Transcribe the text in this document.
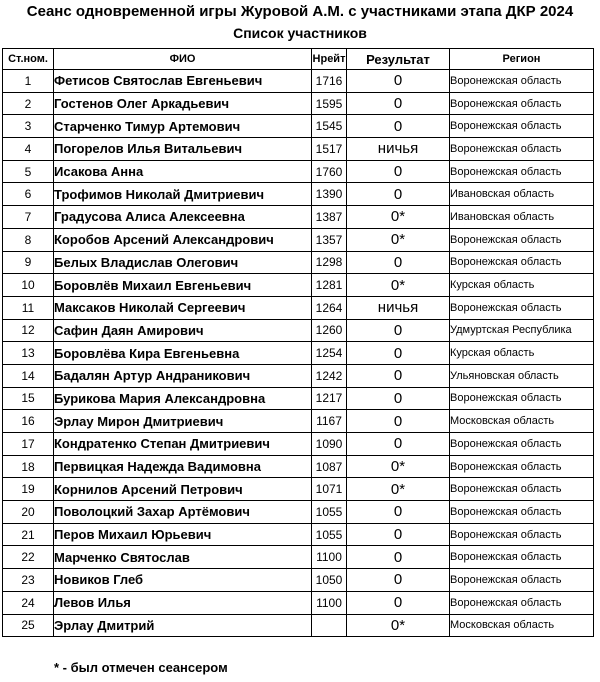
Сеанс одновременной игры Журовой А.М. с участниками этапа ДКР 2024
Список участников
Ст.ном.	ФИО	Нрейт	Результат	Регион
1	Фетисов Святослав Евгеньевич	1716	0	Воронежская область
2	Гостенов Олег Аркадьевич	1595	0	Воронежская область
3	Старченко Тимур Артемович	1545	0	Воронежская область
4	Погорелов Илья Витальевич	1517	ничья	Воронежская область
5	Исакова Анна	1760	0	Воронежская область
6	Трофимов Николай Дмитриевич	1390	0	Ивановская область
7	Градусова Алиса Алексеевна	1387	0*	Ивановская область
8	Коробов Арсений Александрович	1357	0*	Воронежская область
9	Белых Владислав Олегович	1298	0	Воронежская область
10	Боровлёв Михаил Евгеньевич	1281	0*	Курская область
11	Максаков Николай Сергеевич	1264	ничья	Воронежская область
12	Сафин Даян Амирович	1260	0	Удмуртская Республика
13	Боровлёва Кира Евгеньевна	1254	0	Курская область
14	Бадалян Артур Андраникович	1242	0	Ульяновская область
15	Бурикова Мария Александровна	1217	0	Воронежская область
16	Эрлау Мирон Дмитриевич	1167	0	Московская область
17	Кондратенко Степан Дмитриевич	1090	0	Воронежская область
18	Первицкая Надежда Вадимовна	1087	0*	Воронежская область
19	Корнилов Арсений Петрович	1071	0*	Воронежская область
20	Поволоцкий Захар Артёмович	1055	0	Воронежская область
21	Перов Михаил Юрьевич	1055	0	Воронежская область
22	Марченко Святослав	1100	0	Воронежская область
23	Новиков Глеб	1050	0	Воронежская область
24	Левов Илья	1100	0	Воронежская область
25	Эрлау Дмитрий		0*	Московская область
* - был отмечен сеансером
